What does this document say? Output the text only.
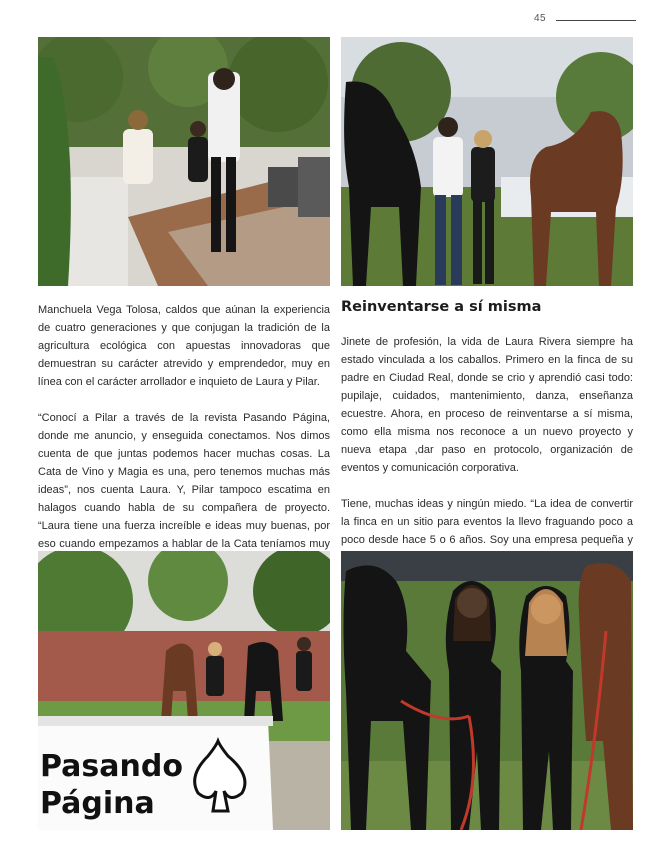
45

Manchuela Vega Tolosa, caldos que aúnan la experiencia de cuatro generaciones y que conjugan la tradición de la agricultura ecológica con apuestas innovadoras que demuestran su carácter atrevido y emprendedor, muy en línea con el carácter arrollador e inquieto de Laura y Pilar.

“Conocí a Pilar a través de la revista Pasando Página, donde me anuncio, y enseguida conectamos. Nos dimos cuenta de que juntas podemos hacer muchas cosas. La Cata de Vino y Magia es una, pero tenemos muchas más ideas”, nos cuenta Laura. Y, Pilar tampoco escatima en halagos cuando habla de su compañera de proyecto. “Laura tiene una fuerza increíble e ideas muy buenas, por eso cuando empezamos a hablar de la Cata teníamos muy

Reinventarse a sí misma

Jinete de profesión, la vida de Laura Rivera siempre ha estado vinculada a los caballos. Primero en la finca de su padre en Ciudad Real, donde se crio y aprendió casi todo: pupilaje, cuidados, mantenimiento, danza, enseñanza ecuestre. Ahora, en proceso de reinventarse a sí misma, como ella misma nos reconoce a un nuevo proyecto y nueva etapa ,dar paso en protocolo, organización de eventos y comunicación corporativa.

Tiene, muchas ideas y ningún miedo. “La idea de convertir la finca en un sitio para eventos la llevo fraguando poco a poco desde hace 5 o 6 años. Soy una empresa pequeña y

Pasando
Página
